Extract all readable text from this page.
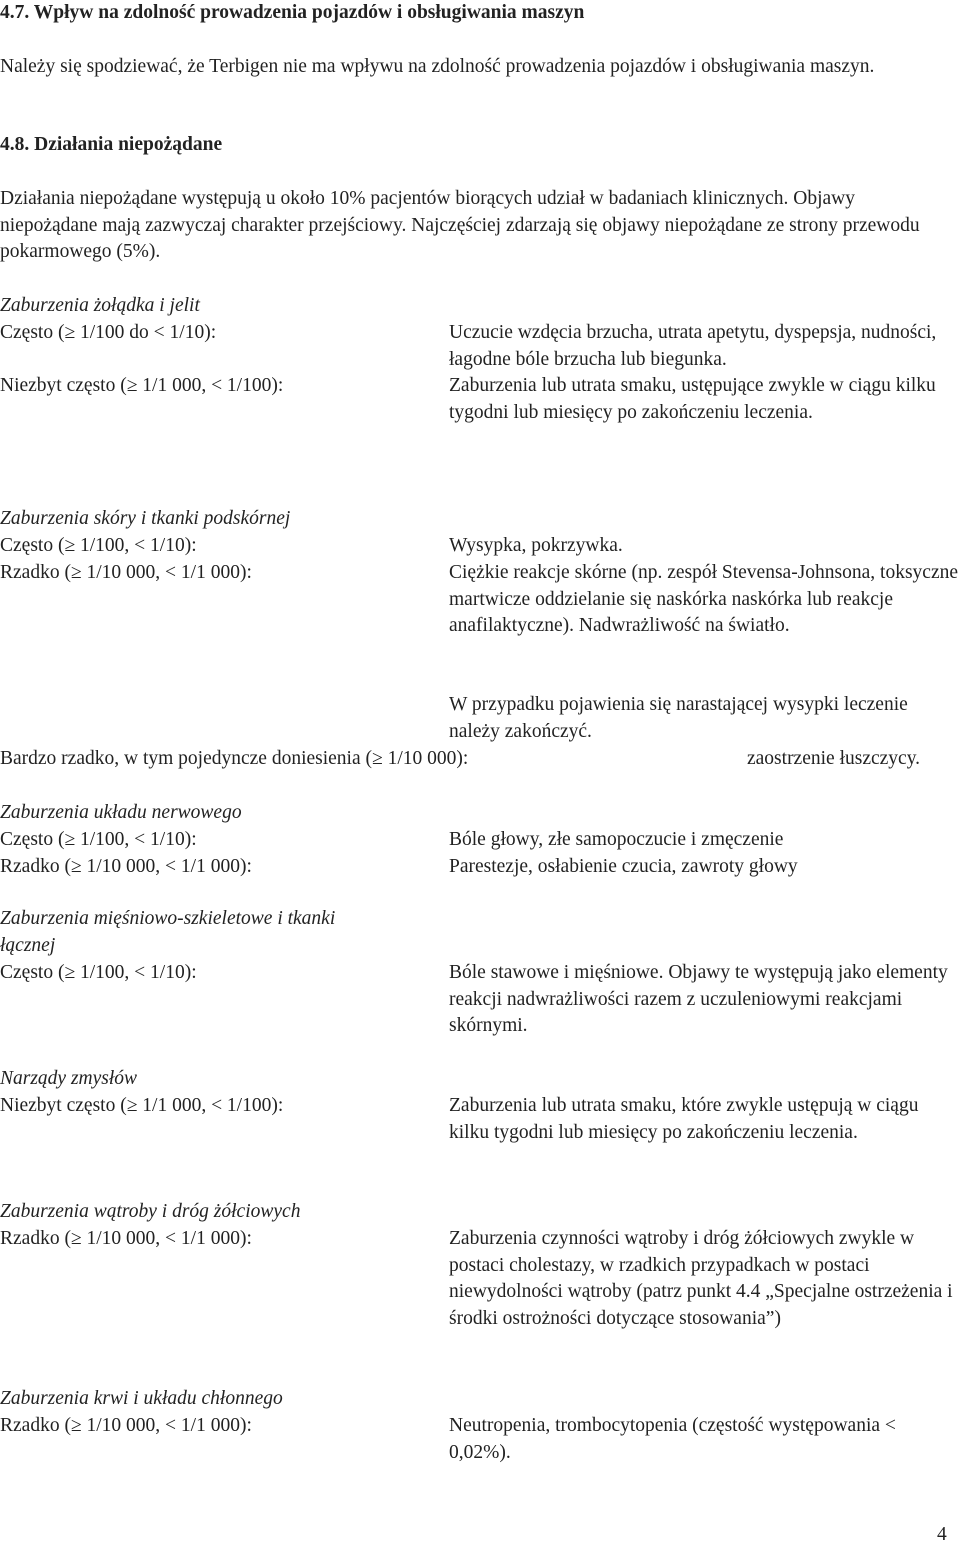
4.7. Wpływ na zdolność prowadzenia pojazdów i obsługiwania maszyn
Należy się spodziewać, że Terbigen nie ma wpływu na zdolność prowadzenia pojazdów i obsługiwania maszyn.
4.8. Działania niepożądane
Działania niepożądane występują u około 10% pacjentów biorących udział w badaniach klinicznych. Objawy niepożądane mają zazwyczaj charakter przejściowy. Najczęściej zdarzają się objawy niepożądane ze strony przewodu pokarmowego (5%).
Zaburzenia żołądka i jelit
Często (≥ 1/100 do < 1/10):	Uczucie wzdęcia brzucha, utrata apetytu, dyspepsja, nudności, łagodne bóle brzucha lub biegunka.
Niezbyt często (≥ 1/1 000, < 1/100):	Zaburzenia lub utrata smaku, ustępujące zwykle w ciągu kilku tygodni lub miesięcy po zakończeniu leczenia.
Zaburzenia skóry i tkanki podskórnej
Często (≥ 1/100, < 1/10):	Wysypka, pokrzywka.
Rzadko (≥ 1/10 000, < 1/1 000):	Ciężkie reakcje skórne (np. zespół Stevensa-Johnsona, toksyczne martwicze oddzielanie się naskórka naskórka lub reakcje anafilaktyczne). Nadwrażliwość na światło.
W przypadku pojawienia się narastającej wysypki leczenie należy zakończyć.
Bardzo rzadko, w tym pojedyncze doniesienia (≥ 1/10 000):	zaostrzenie łuszczycy.
Zaburzenia układu nerwowego
Często (≥ 1/100, < 1/10):	Bóle głowy, złe samopoczucie i zmęczenie
Rzadko (≥ 1/10 000, < 1/1 000):	Parestezje, osłabienie czucia, zawroty głowy
Zaburzenia mięśniowo-szkieletowe i tkanki łącznej
Często (≥ 1/100, < 1/10):	Bóle stawowe i mięśniowe. Objawy te występują jako elementy reakcji nadwrażliwości razem z uczuleniowymi reakcjami skórnymi.
Narządy zmysłów
Niezbyt często (≥ 1/1 000, < 1/100):	Zaburzenia lub utrata smaku, które zwykle ustępują w ciągu kilku tygodni lub miesięcy po zakończeniu leczenia.
Zaburzenia wątroby i dróg żółciowych
Rzadko (≥ 1/10 000, < 1/1 000):	Zaburzenia czynności wątroby i dróg żółciowych zwykle w postaci cholestazy, w rzadkich przypadkach w postaci niewydolności wątroby (patrz punkt 4.4 „Specjalne ostrzeżenia i środki ostrożności dotyczące stosowania”)
Zaburzenia krwi i układu chłonnego
Rzadko (≥ 1/10 000, < 1/1 000):	Neutropenia, trombocytopenia (częstość występowania < 0,02%).
4
